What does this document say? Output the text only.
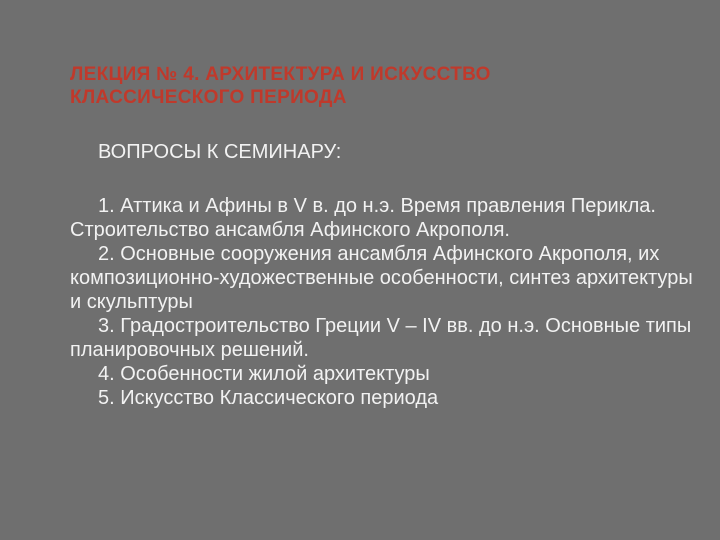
ЛЕКЦИЯ № 4. АРХИТЕКТУРА И ИСКУССТВО
КЛАССИЧЕСКОГО ПЕРИОДА

ВОПРОСЫ К СЕМИНАРУ:

1. Аттика и Афины в V в. до н.э. Время правления Перикла. Строительство ансамбля Афинского Акрополя.
2. Основные сооружения ансамбля Афинского Акрополя, их композиционно-художественные особенности, синтез архитектуры и скульптуры
3. Градостроительство Греции V – IV вв. до н.э. Основные типы планировочных решений.
4. Особенности жилой архитектуры
5. Искусство Классического периода
